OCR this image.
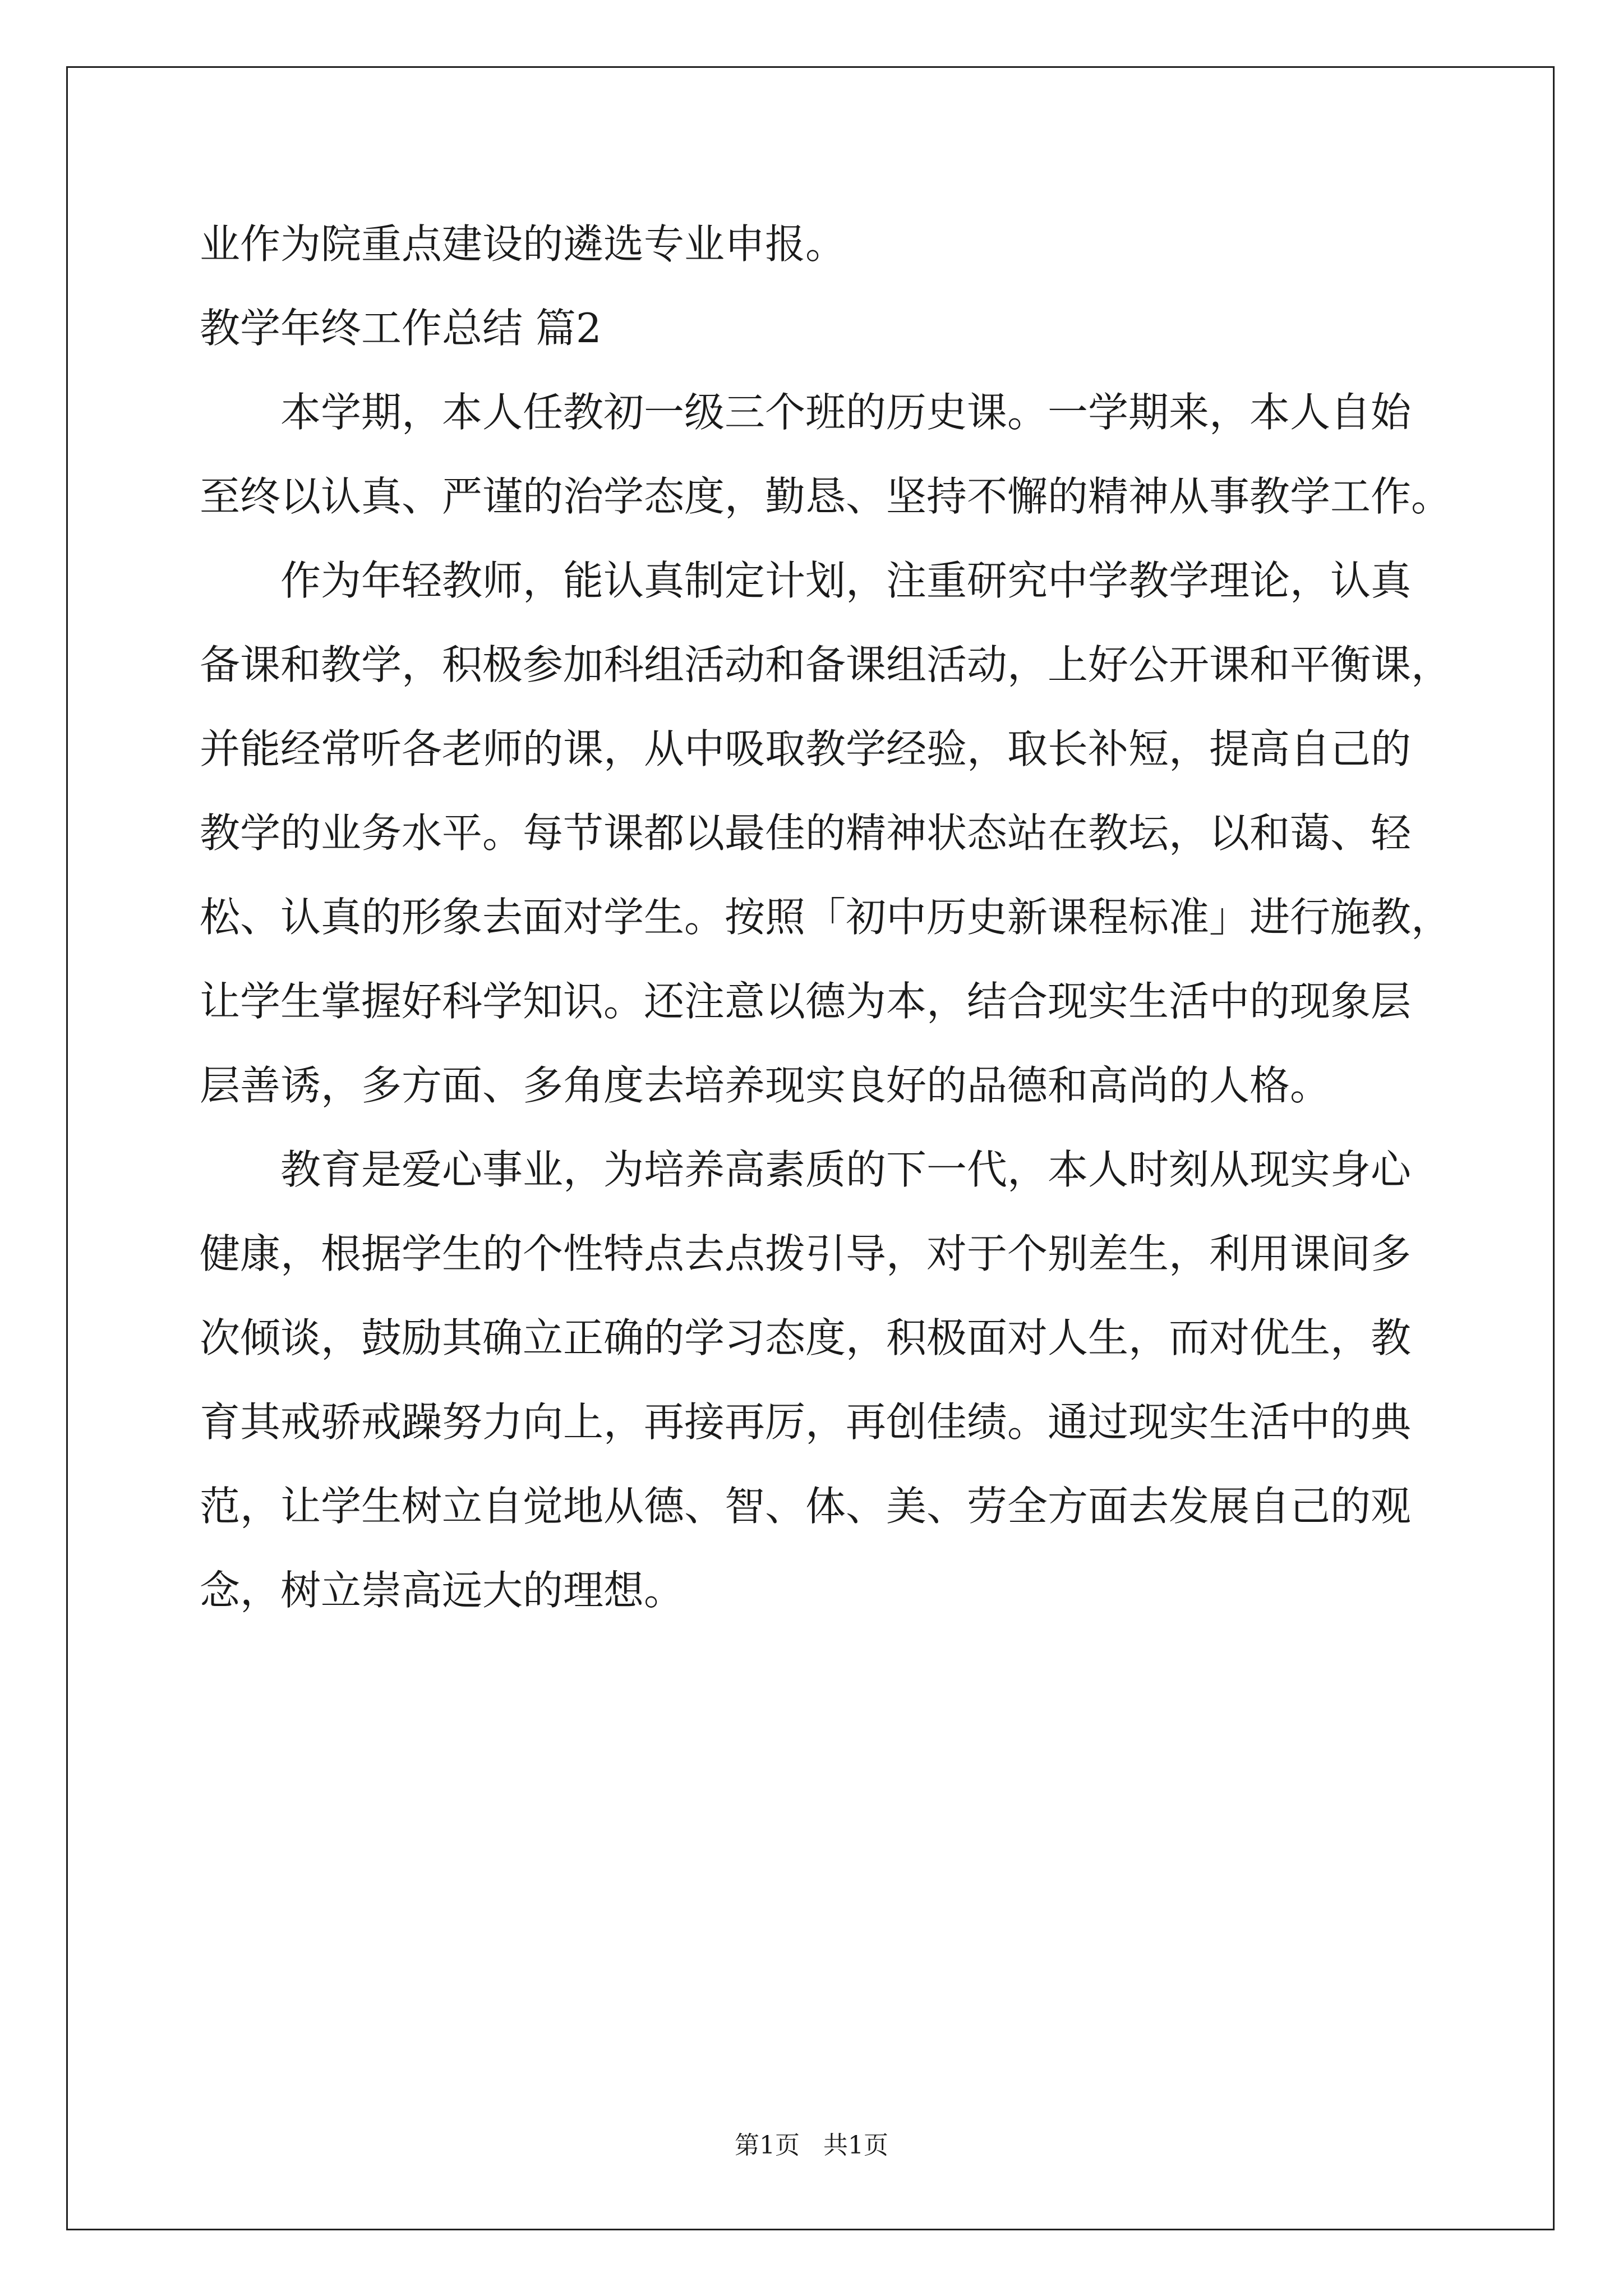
业作为院重点建设的遴选专业申报。
教学年终工作总结 篇2
本学期，本人任教初一级三个班的历史课。一学期来，本人自始
至终以认真、严谨的治学态度，勤恳、坚持不懈的精神从事教学工作。
作为年轻教师，能认真制定计划，注重研究中学教学理论，认真
备课和教学，积极参加科组活动和备课组活动，上好公开课和平衡课，
并能经常听各老师的课，从中吸取教学经验，取长补短，提高自己的
教学的业务水平。每节课都以最佳的精神状态站在教坛，以和蔼、轻
松、认真的形象去面对学生。按照「初中历史新课程标准」进行施教，
让学生掌握好科学知识。还注意以德为本，结合现实生活中的现象层
层善诱，多方面、多角度去培养现实良好的品德和高尚的人格。
教育是爱心事业，为培养高素质的下一代，本人时刻从现实身心
健康，根据学生的个性特点去点拨引导，对于个别差生，利用课间多
次倾谈，鼓励其确立正确的学习态度，积极面对人生，而对优生，教
育其戒骄戒躁努力向上，再接再厉，再创佳绩。通过现实生活中的典
范，让学生树立自觉地从德、智、体、美、劳全方面去发展自己的观
念，树立崇高远大的理想。
第1页   共1页
